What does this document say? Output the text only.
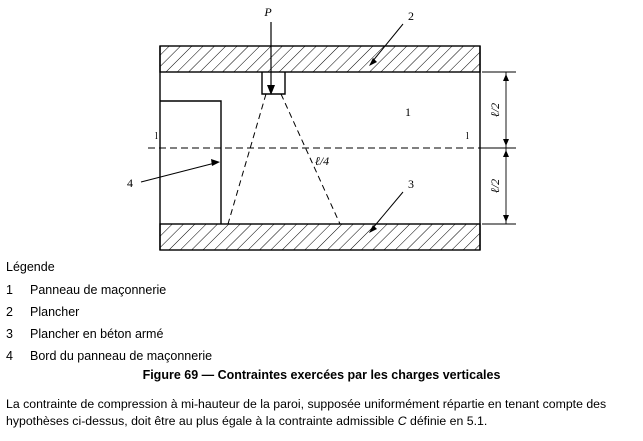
P
l	l
ℓ/4
ℓ/2
ℓ/2
1
2
3
4
Légende
1	Panneau de maçonnerie
2	Plancher
3	Plancher en béton armé
4	Bord du panneau de maçonnerie
Figure 69 — Contraintes exercées par les charges verticales
La contrainte de compression à mi-hauteur de la paroi, supposée uniformément répartie en tenant compte des hypothèses ci-dessus, doit être au plus égale à la contrainte admissible C définie en 5.1.
